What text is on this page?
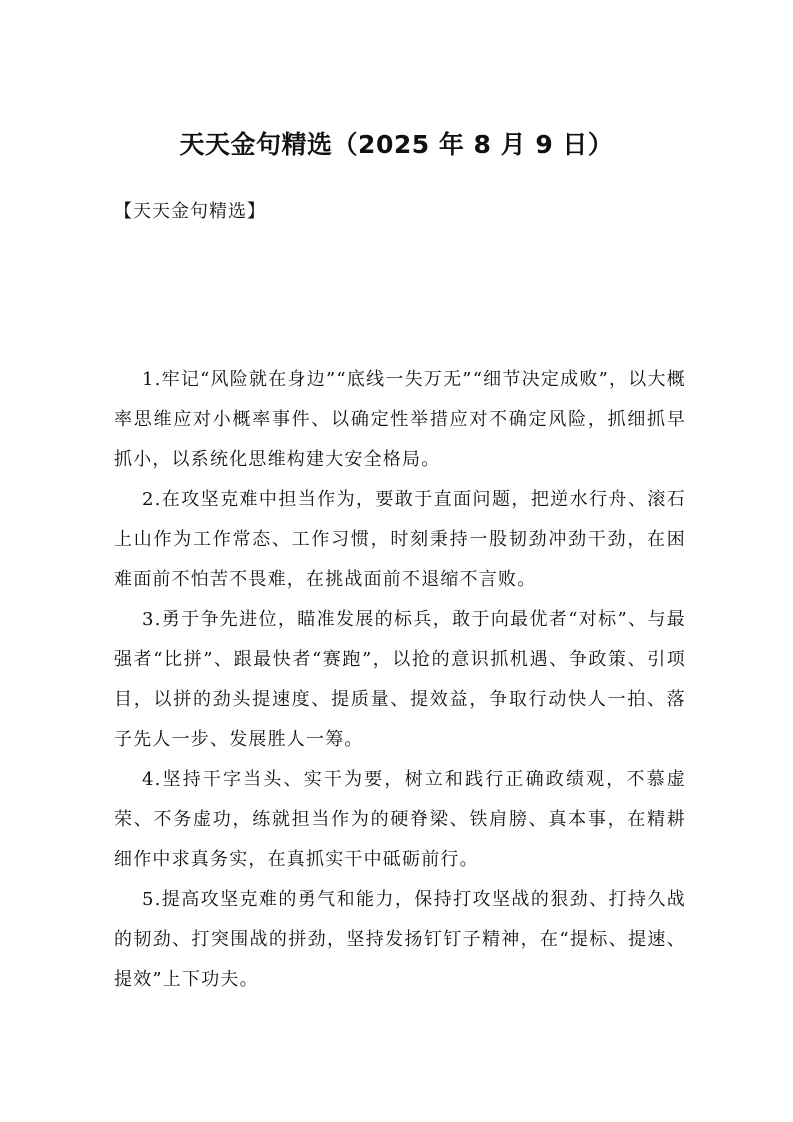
天天金句精选（2025 年 8 月 9 日）
【天天金句精选】

1.牢记“风险就在身边”“底线一失万无”“细节决定成败”，以大概率思维应对小概率事件、以确定性举措应对不确定风险，抓细抓早抓小，以系统化思维构建大安全格局。

2.在攻坚克难中担当作为，要敢于直面问题，把逆水行舟、滚石上山作为工作常态、工作习惯，时刻秉持一股韧劲冲劲干劲，在困难面前不怕苦不畏难，在挑战面前不退缩不言败。

3.勇于争先进位，瞄准发展的标兵，敢于向最优者“对标”、与最强者“比拼”、跟最快者“赛跑”，以抢的意识抓机遇、争政策、引项目，以拼的劲头提速度、提质量、提效益，争取行动快人一拍、落子先人一步、发展胜人一筹。

4.坚持干字当头、实干为要，树立和践行正确政绩观，不慕虚荣、不务虚功，练就担当作为的硬脊梁、铁肩膀、真本事，在精耕细作中求真务实，在真抓实干中砥砺前行。

5.提高攻坚克难的勇气和能力，保持打攻坚战的狠劲、打持久战的韧劲、打突围战的拼劲，坚持发扬钉钉子精神，在“提标、提速、提效”上下功夫。
